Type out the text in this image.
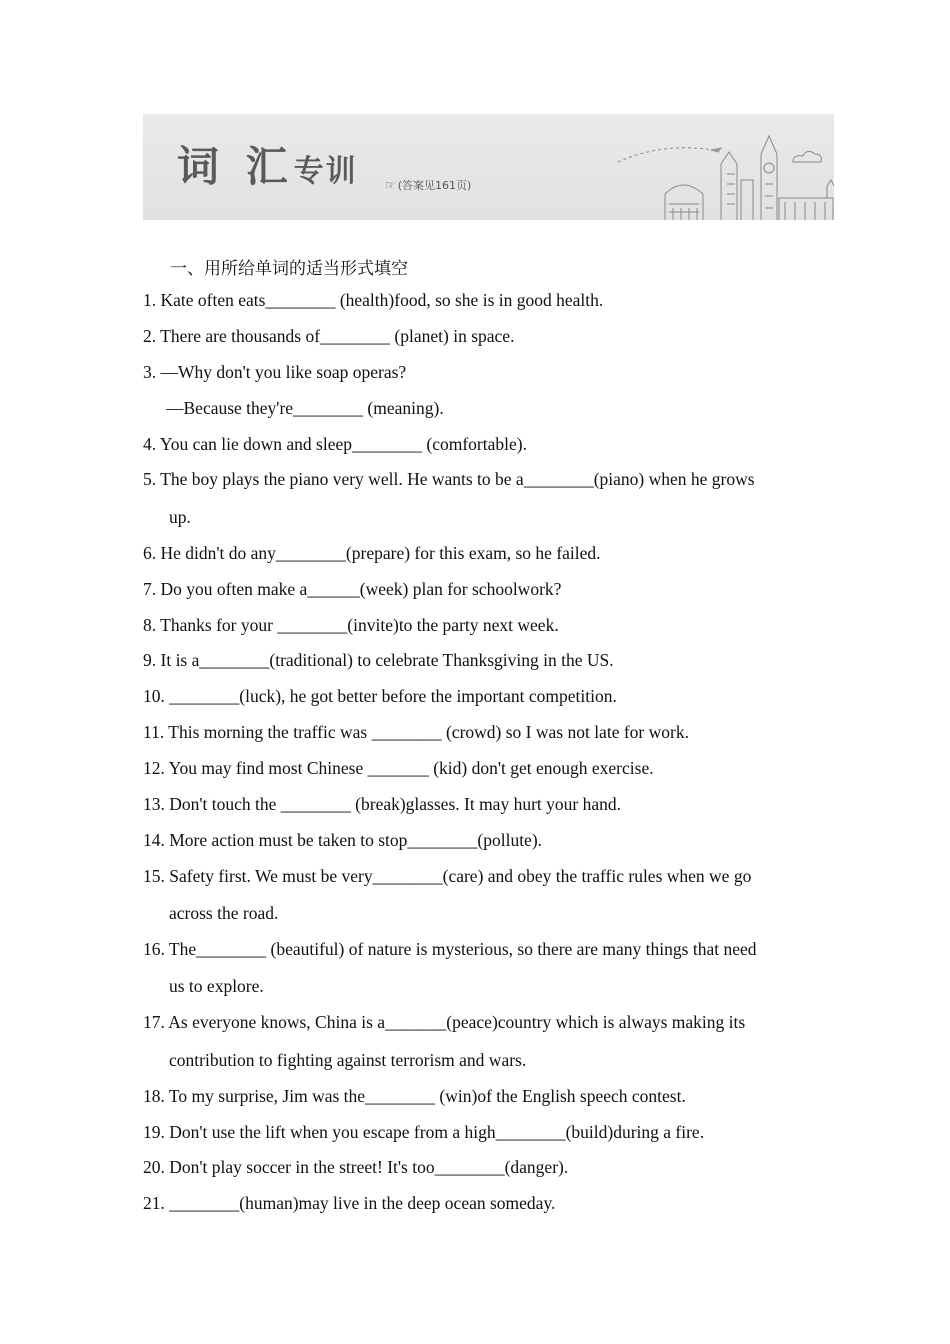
词 汇专训 ☞ (答案见161页)
一、用所给单词的适当形式填空
1. Kate often eats________ (health)food, so she is in good health.
2. There are thousands of________ (planet) in space.
3. —Why don't you like soap operas?
—Because they're________ (meaning).
4. You can lie down and sleep________ (comfortable).
5. The boy plays the piano very well. He wants to be a________(piano) when he grows
up.
6. He didn't do any________(prepare) for this exam, so he failed.
7. Do you often make a______(week) plan for schoolwork?
8. Thanks for your ________(invite)to the party next week.
9. It is a________(traditional) to celebrate Thanksgiving in the US.
10. ________(luck), he got better before the important competition.
11. This morning the traffic was ________ (crowd) so I was not late for work.
12. You may find most Chinese _______ (kid) don't get enough exercise.
13. Don't touch the ________ (break)glasses. It may hurt your hand.
14. More action must be taken to stop________(pollute).
15. Safety first. We must be very________(care) and obey the traffic rules when we go
across the road.
16. The________ (beautiful) of nature is mysterious, so there are many things that need
us to explore.
17. As everyone knows, China is a_______(peace)country which is always making its
contribution to fighting against terrorism and wars.
18. To my surprise, Jim was the________ (win)of the English speech contest.
19. Don't use the lift when you escape from a high________(build)during a fire.
20. Don't play soccer in the street! It's too________(danger).
21. ________(human)may live in the deep ocean someday.
